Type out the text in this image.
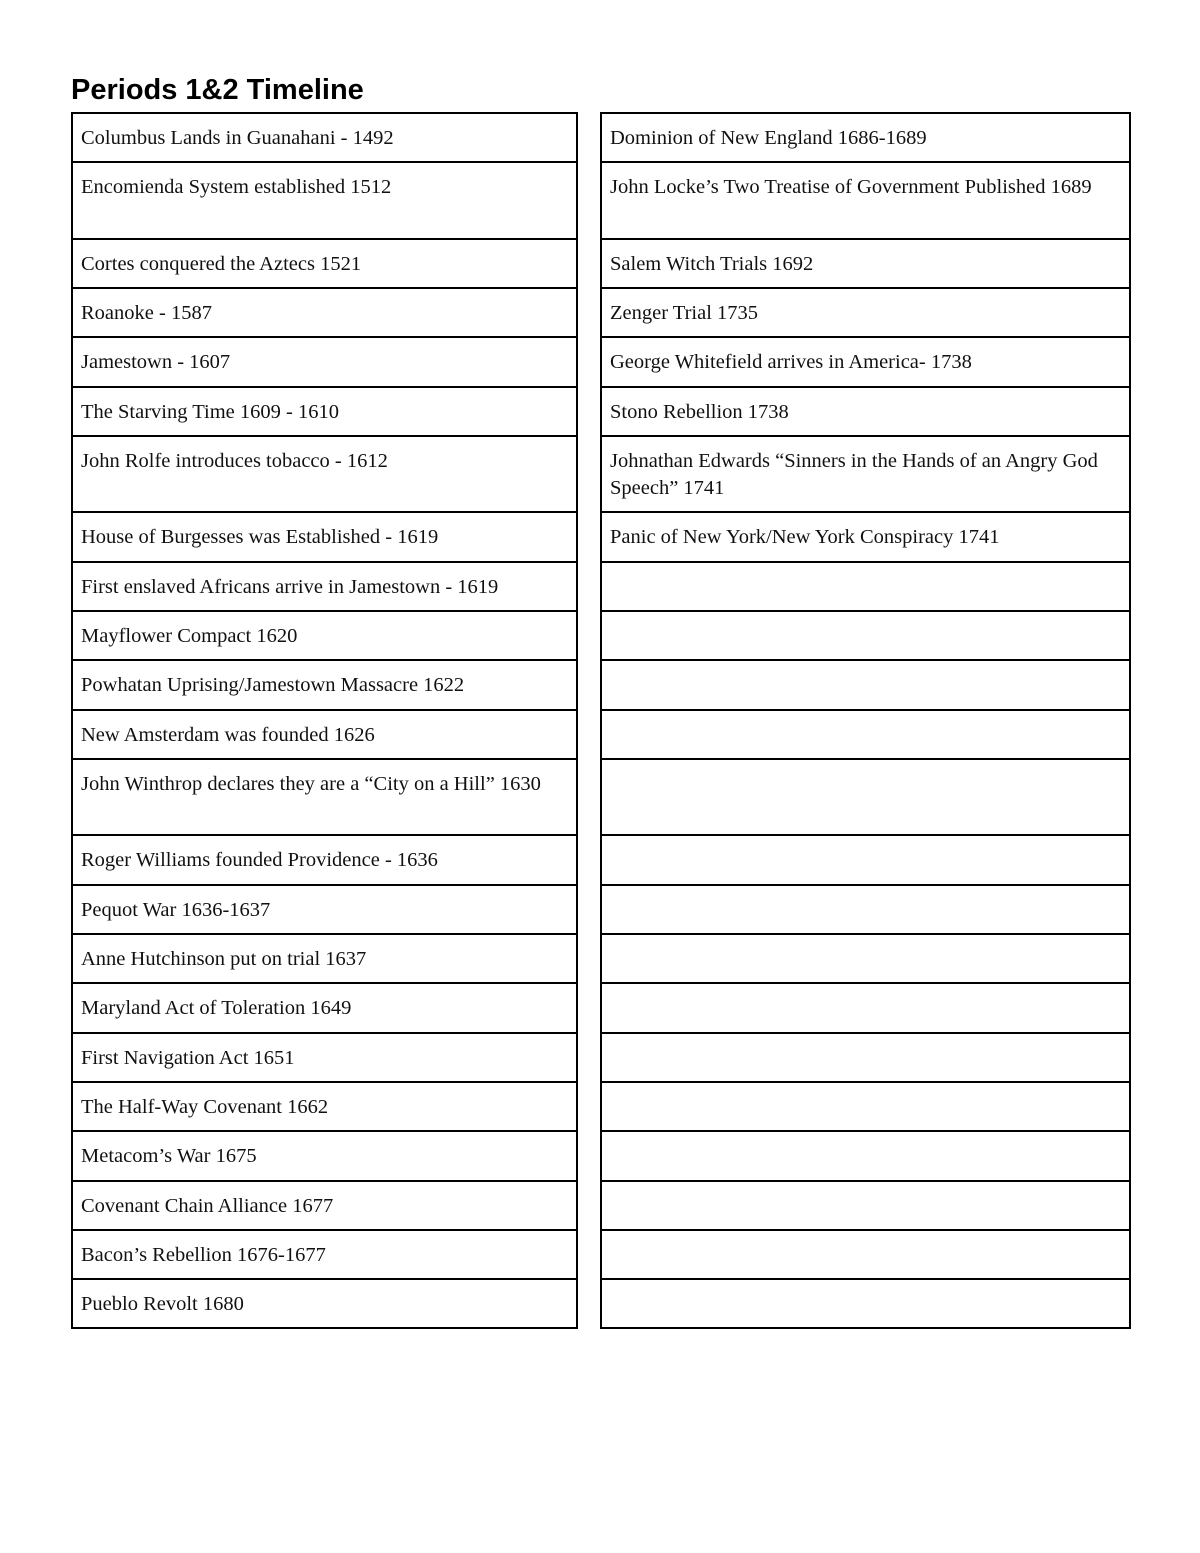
Periods 1&2 Timeline
Columbus Lands in Guanahani - 1492
Encomienda System established 1512
Cortes conquered the Aztecs 1521
Roanoke - 1587
Jamestown - 1607
The Starving Time 1609 - 1610
John Rolfe introduces tobacco - 1612
House of Burgesses was Established - 1619
First enslaved Africans arrive in Jamestown - 1619
Mayflower Compact 1620
Powhatan Uprising/Jamestown Massacre 1622
New Amsterdam was founded 1626
John Winthrop declares they are a “City on a Hill” 1630
Roger Williams founded Providence - 1636
Pequot War 1636-1637
Anne Hutchinson put on trial 1637
Maryland Act of Toleration 1649
First Navigation Act 1651
The Half-Way Covenant 1662
Metacom’s War 1675
Covenant Chain Alliance 1677
Bacon’s Rebellion 1676-1677
Pueblo Revolt 1680
Dominion of New England 1686-1689
John Locke’s Two Treatise of Government Published 1689
Salem Witch Trials 1692
Zenger Trial 1735
George Whitefield arrives in America- 1738
Stono Rebellion 1738
Johnathan Edwards “Sinners in the Hands of an Angry God Speech” 1741
Panic of New York/New York Conspiracy 1741
